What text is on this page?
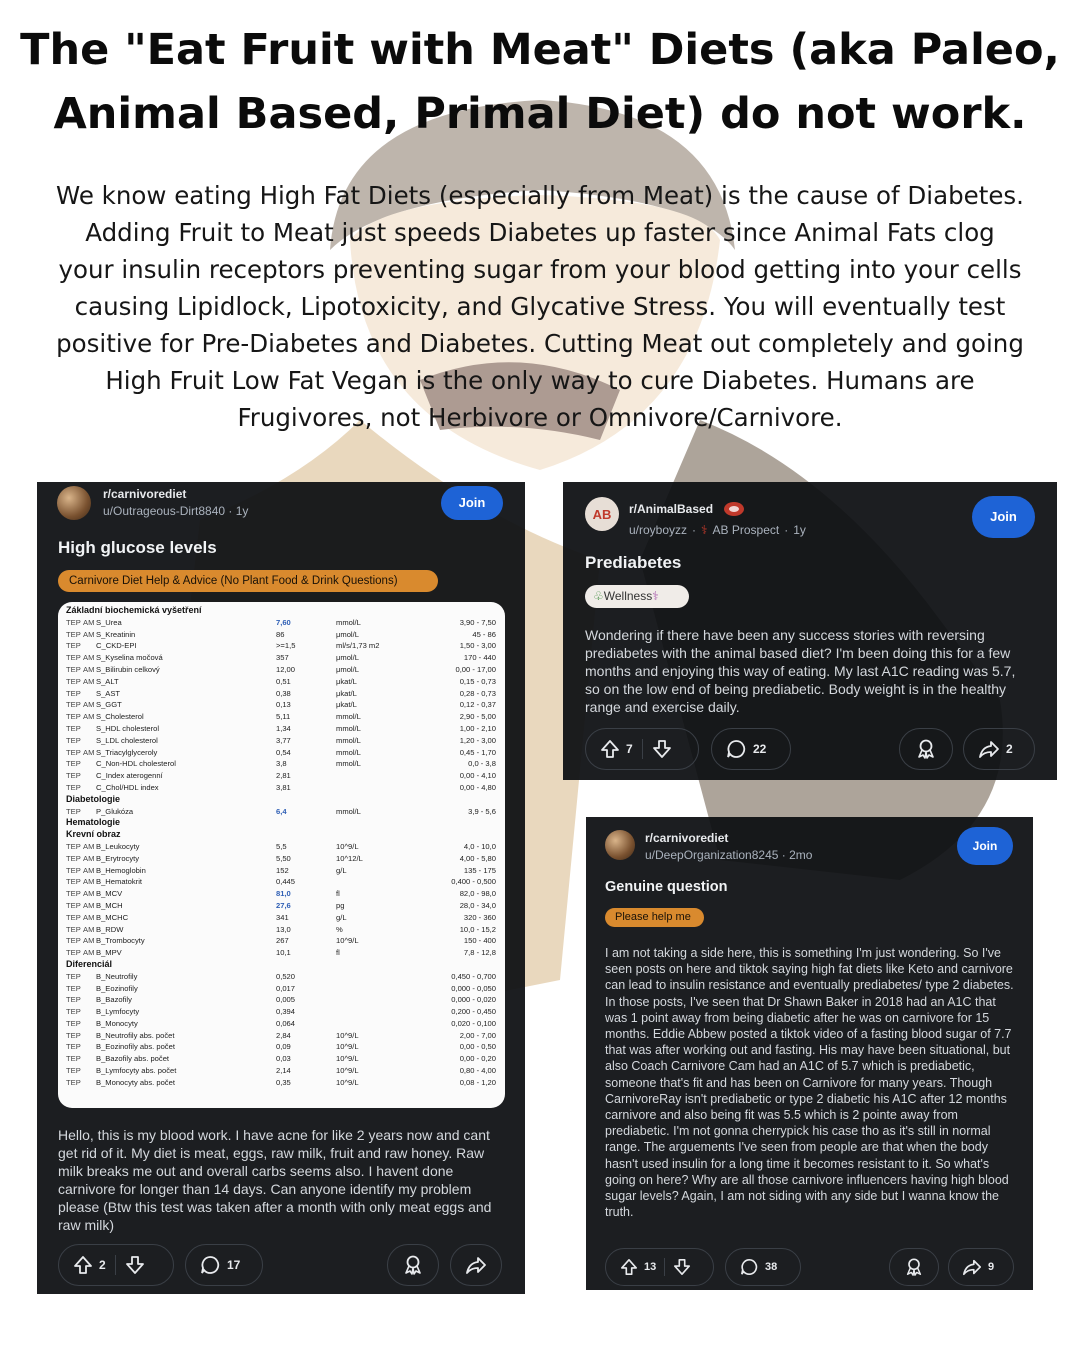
The "Eat Fruit with Meat" Diets (aka Paleo, Animal Based, Primal Diet) do not work.

We know eating High Fat Diets (especially from Meat) is the cause of Diabetes. Adding Fruit to Meat just speeds Diabetes up faster since Animal Fats clog your insulin receptors preventing sugar from your blood getting into your cells causing Lipidlock, Lipotoxicity, and Glycative Stress. You will eventually test positive for Pre-Diabetes and Diabetes. Cutting Meat out completely and going High Fruit Low Fat Vegan is the only way to cure Diabetes. Humans are Frugivores, not Herbivore or Omnivore/Carnivore.

r/carnivorediet
u/Outrageous-Dirt8840 · 1y
Join
High glucose levels
Carnivore Diet Help & Advice (No Plant Food & Drink Questions)
Základní biochemická vyšetření
TEP AM S_Urea	7,60	mmol/L	3,90 - 7,50
TEP AM S_Kreatinin	86	μmol/L	45 - 86
TEP C_CKD-EPI	>=1,5	ml/s/1,73 m2	1,50 - 3,00
TEP AM S_Kyselina močová	357	μmol/L	170 - 440
TEP AM S_Bilirubin celkový	12,00	μmol/L	0,00 - 17,00
TEP AM S_ALT	0,51	μkat/L	0,15 - 0,73
TEP S_AST	0,38	μkat/L	0,28 - 0,73
TEP AM S_GGT	0,13	μkat/L	0,12 - 0,37
TEP AM S_Cholesterol	5,11	mmol/L	2,90 - 5,00
TEP S_HDL cholesterol	1,34	mmol/L	1,00 - 2,10
TEP S_LDL cholesterol	3,77	mmol/L	1,20 - 3,00
TEP AM S_Triacylglyceroly	0,54	mmol/L	0,45 - 1,70
TEP C_Non-HDL cholesterol	3,8	mmol/L	0,0 - 3,8
TEP C_Index aterogenní	2,81	0,00 - 4,10
TEP C_Chol/HDL index	3,81	0,00 - 4,80
Diabetologie
TEP P_Glukóza	6,4	mmol/L	3,9 - 5,6
Hematologie
Krevní obraz
TEP AM B_Leukocyty	5,5	10^9/L	4,0 - 10,0
TEP AM B_Erytrocyty	5,50	10^12/L	4,00 - 5,80
TEP AM B_Hemoglobin	152	g/L	135 - 175
TEP AM B_Hematokrit	0,445	0,400 - 0,500
TEP AM B_MCV	81,0	fl	82,0 - 98,0
TEP AM B_MCH	27,6	pg	28,0 - 34,0
TEP AM B_MCHC	341	g/L	320 - 360
TEP AM B_RDW	13,0	%	10,0 - 15,2
TEP AM B_Trombocyty	267	10^9/L	150 - 400
TEP AM B_MPV	10,1	fl	7,8 - 12,8
Diferenciál
TEP B_Neutrofily	0,520	0,450 - 0,700
TEP B_Eozinofily	0,017	0,000 - 0,050
TEP B_Bazofily	0,005	0,000 - 0,020
TEP B_Lymfocyty	0,394	0,200 - 0,450
TEP B_Monocyty	0,064	0,020 - 0,100
TEP B_Neutrofily abs. počet	2,84	10^9/L	2,00 - 7,00
TEP B_Eozinofily abs. počet	0,09	10^9/L	0,00 - 0,50
TEP B_Bazofily abs. počet	0,03	10^9/L	0,00 - 0,20
TEP B_Lymfocyty abs. počet	2,14	10^9/L	0,80 - 4,00
TEP B_Monocyty abs. počet	0,35	10^9/L	0,08 - 1,20
Hello, this is my blood work. I have acne for like 2 years now and cant get rid of it. My diet is meat, eggs, raw milk, fruit and raw honey. Raw milk breaks me out and overall carbs seems also. I havent done carnivore for longer than 14 days. Can anyone identify my problem please (Btw this test was taken after a month with only meat eggs and raw milk)
2	17
AB r/AnimalBased
u/royboyzz · ⚕ AB Prospect · 1y
Join
Prediabetes
♧Wellness⚕
Wondering if there have been any success stories with reversing prediabetes with the animal based diet? I'm been doing this for a few months and enjoying this way of eating. My last A1C reading was 5.7, so on the low end of being prediabetic. Body weight is in the healthy range and exercise daily.
7	22	2
r/carnivorediet
u/DeepOrganization8245 · 2mo
Join
Genuine question
Please help me
I am not taking a side here, this is something I'm just wondering. So I've seen posts on here and tiktok saying high fat diets like Keto and carnivore can lead to insulin resistance and eventually prediabetes/ type 2 diabetes. In those posts, I've seen that Dr Shawn Baker in 2018 had an A1C that was 1 point away from being diabetic after he was on carnivore for 15 months. Eddie Abbew posted a tiktok video of a fasting blood sugar of 7.7 that was after working out and fasting. His may have been situational, but also Coach Carnivore Cam had an A1C of 5.7 which is prediabetic, someone that's fit and has been on Carnivore for many years. Though CarnivoreRay isn't prediabetic or type 2 diabetic his A1C after 12 months carnivore and also being fit was 5.5 which is 2 pointe away from prediabetic. I'm not gonna cherrypick his case tho as it's still in normal range. The arguements I've seen from people are that when the body hasn't used insulin for a long time it becomes resistant to it. So what's going on here? Why are all those carnivore influencers having high blood sugar levels? Again, I am not siding with any side but I wanna know the truth.
13	38	9
